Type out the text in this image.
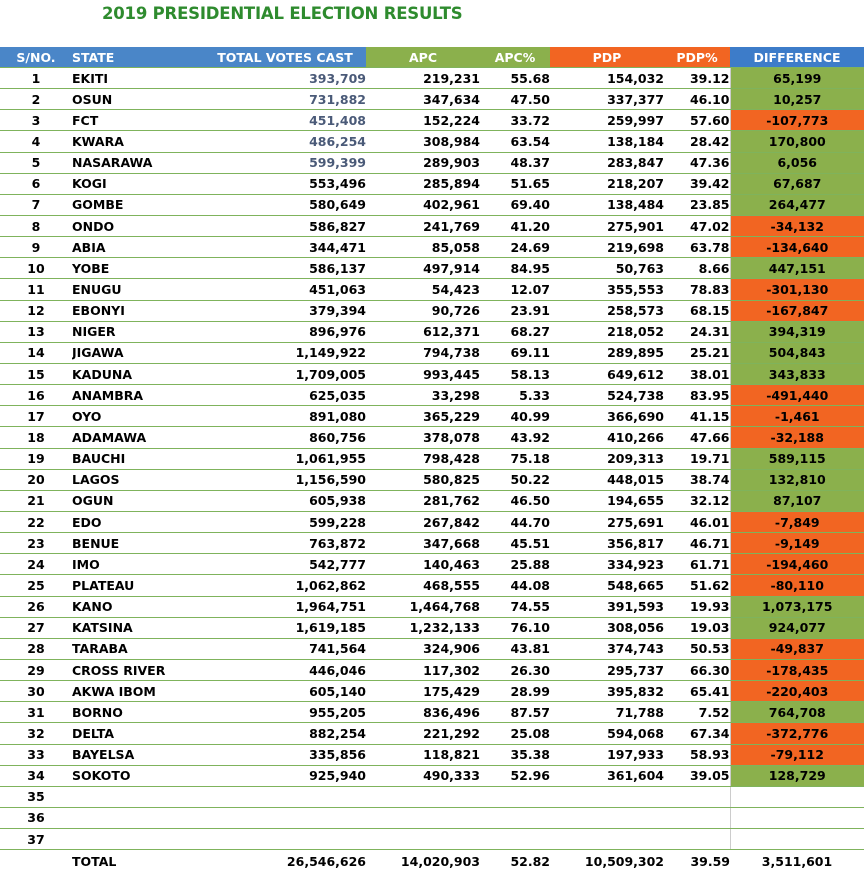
2019 PRESIDENTIAL ELECTION RESULTS
S/NO.	STATE	TOTAL VOTES CAST	APC	APC%	PDP	PDP%	DIFFERENCE
1	EKITI	393,709	219,231	55.68	154,032	39.12	65,199
2	OSUN	731,882	347,634	47.50	337,377	46.10	10,257
3	FCT	451,408	152,224	33.72	259,997	57.60	-107,773
4	KWARA	486,254	308,984	63.54	138,184	28.42	170,800
5	NASARAWA	599,399	289,903	48.37	283,847	47.36	6,056
6	KOGI	553,496	285,894	51.65	218,207	39.42	67,687
7	GOMBE	580,649	402,961	69.40	138,484	23.85	264,477
8	ONDO	586,827	241,769	41.20	275,901	47.02	-34,132
9	ABIA	344,471	85,058	24.69	219,698	63.78	-134,640
10	YOBE	586,137	497,914	84.95	50,763	8.66	447,151
11	ENUGU	451,063	54,423	12.07	355,553	78.83	-301,130
12	EBONYI	379,394	90,726	23.91	258,573	68.15	-167,847
13	NIGER	896,976	612,371	68.27	218,052	24.31	394,319
14	JIGAWA	1,149,922	794,738	69.11	289,895	25.21	504,843
15	KADUNA	1,709,005	993,445	58.13	649,612	38.01	343,833
16	ANAMBRA	625,035	33,298	5.33	524,738	83.95	-491,440
17	OYO	891,080	365,229	40.99	366,690	41.15	-1,461
18	ADAMAWA	860,756	378,078	43.92	410,266	47.66	-32,188
19	BAUCHI	1,061,955	798,428	75.18	209,313	19.71	589,115
20	LAGOS	1,156,590	580,825	50.22	448,015	38.74	132,810
21	OGUN	605,938	281,762	46.50	194,655	32.12	87,107
22	EDO	599,228	267,842	44.70	275,691	46.01	-7,849
23	BENUE	763,872	347,668	45.51	356,817	46.71	-9,149
24	IMO	542,777	140,463	25.88	334,923	61.71	-194,460
25	PLATEAU	1,062,862	468,555	44.08	548,665	51.62	-80,110
26	KANO	1,964,751	1,464,768	74.55	391,593	19.93	1,073,175
27	KATSINA	1,619,185	1,232,133	76.10	308,056	19.03	924,077
28	TARABA	741,564	324,906	43.81	374,743	50.53	-49,837
29	CROSS RIVER	446,046	117,302	26.30	295,737	66.30	-178,435
30	AKWA IBOM	605,140	175,429	28.99	395,832	65.41	-220,403
31	BORNO	955,205	836,496	87.57	71,788	7.52	764,708
32	DELTA	882,254	221,292	25.08	594,068	67.34	-372,776
33	BAYELSA	335,856	118,821	35.38	197,933	58.93	-79,112
34	SOKOTO	925,940	490,333	52.96	361,604	39.05	128,729
35							
36							
37							
	TOTAL	26,546,626	14,020,903	52.82	10,509,302	39.59	3,511,601
